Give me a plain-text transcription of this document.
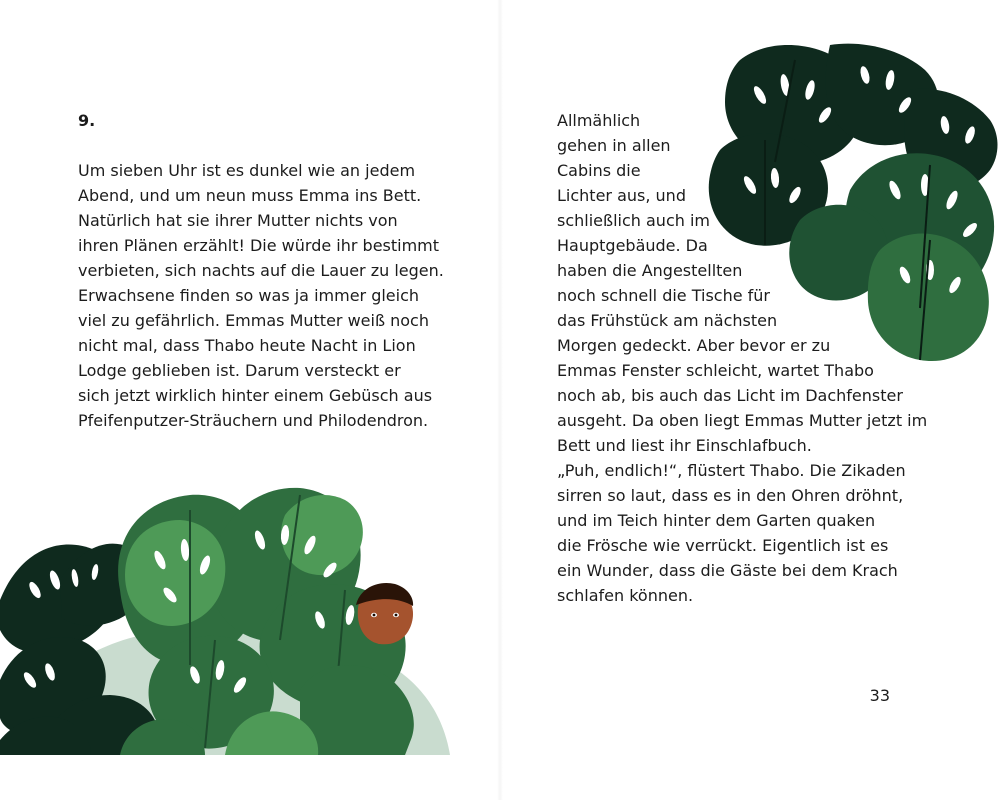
9.
Um sieben Uhr ist es dunkel wie an jedem
Abend, und um neun muss Emma ins Bett.
Natürlich hat sie ihrer Mutter nichts von
ihren Plänen erzählt! Die würde ihr bestimmt
verbieten, sich nachts auf die Lauer zu legen.
Erwachsene finden so was ja immer gleich
viel zu gefährlich. Emmas Mutter weiß noch
nicht mal, dass Thabo heute Nacht in Lion
Lodge geblieben ist. Darum versteckt er
sich jetzt wirklich hinter einem Gebüsch aus
Pfeifenputzer-Sträuchern und Philodendron.
Allmählich
gehen in allen
Cabins die
Lichter aus, und
schließlich auch im
Hauptgebäude. Da
haben die Angestellten
noch schnell die Tische für
das Frühstück am nächsten
Morgen gedeckt. Aber bevor er zu
Emmas Fenster schleicht, wartet Thabo
noch ab, bis auch das Licht im Dachfenster
ausgeht. Da oben liegt Emmas Mutter jetzt im
Bett und liest ihr Einschlafbuch.
„Puh, endlich!“, flüstert Thabo. Die Zikaden
sirren so laut, dass es in den Ohren dröhnt,
und im Teich hinter dem Garten quaken
die Frösche wie verrückt. Eigentlich ist es
ein Wunder, dass die Gäste bei dem Krach
schlafen können.
33
